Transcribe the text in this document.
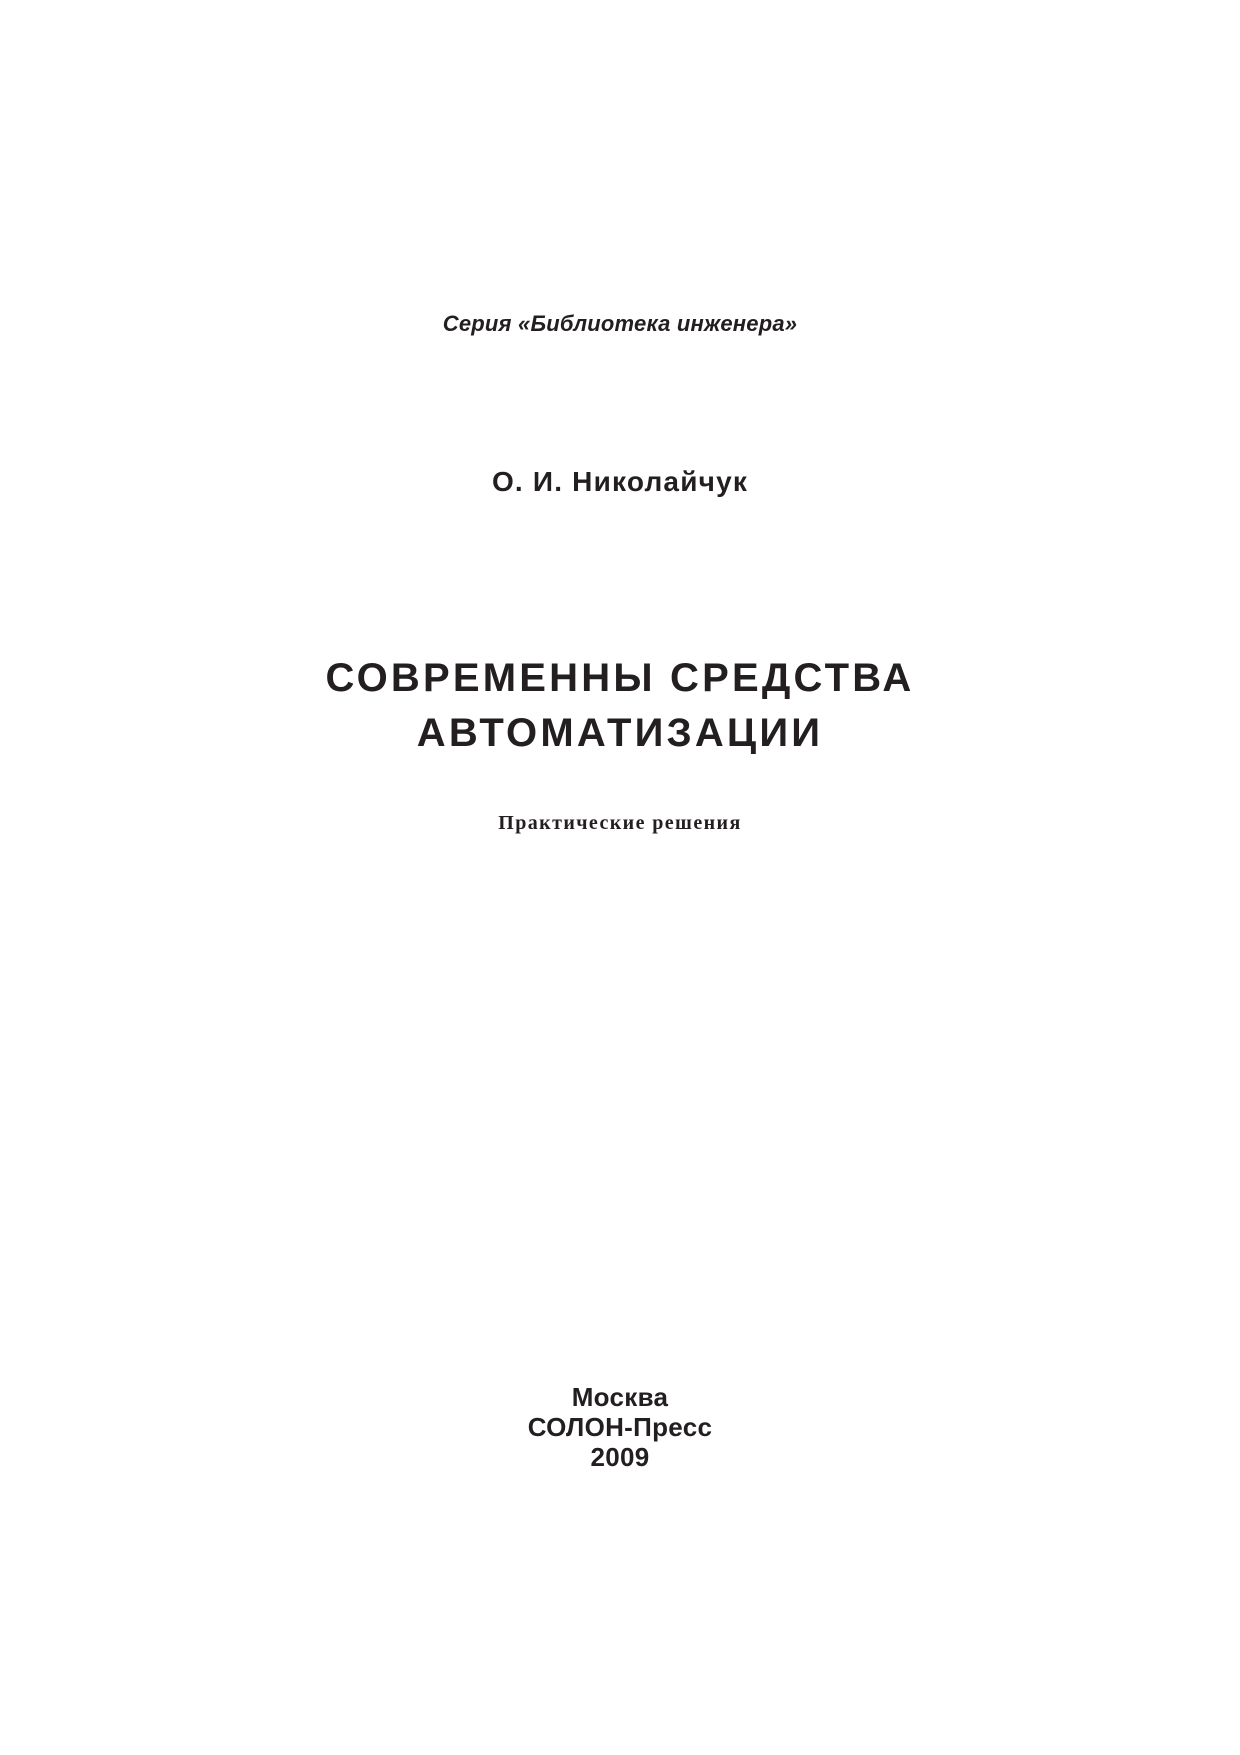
Серия «Библиотека инженера»
О. И. Николайчук
СОВРЕМЕННЫ СРЕДСТВА
АВТОМАТИЗАЦИИ
Практические решения
Москва
СОЛОН-Пресс
2009
